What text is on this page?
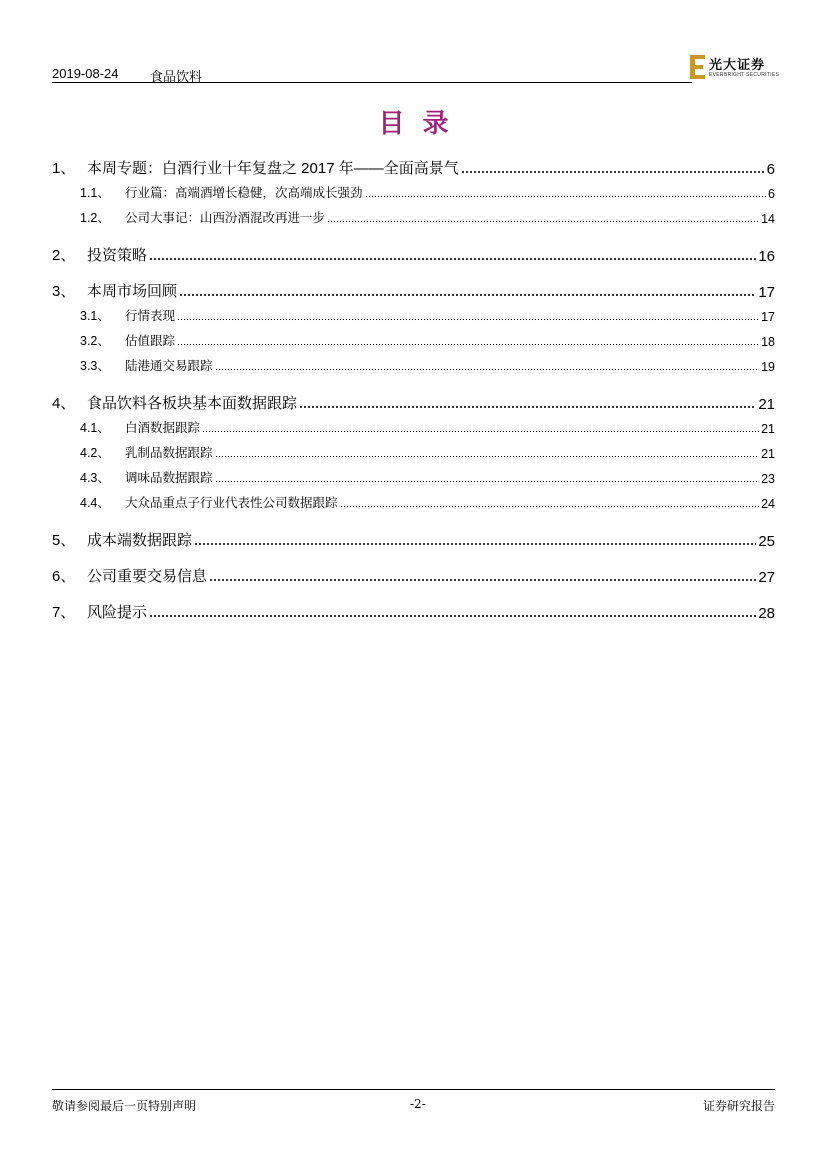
2019-08-24 食品饮料
光大证券
EVERBRIGHT SECURITIES
目录
1、 本周专题：白酒行业十年复盘之 2017 年——全面高景气	6
1.1、	行业篇：高端酒增长稳健，次高端成长强劲	6
1.2、	公司大事记：山西汾酒混改再进一步	14
2、 投资策略	16
3、 本周市场回顾	17
3.1、	行情表现	17
3.2、	估值跟踪	18
3.3、	陆港通交易跟踪	19
4、 食品饮料各板块基本面数据跟踪	21
4.1、	白酒数据跟踪	21
4.2、	乳制品数据跟踪	21
4.3、	调味品数据跟踪	23
4.4、	大众品重点子行业代表性公司数据跟踪	24
5、 成本端数据跟踪	25
6、 公司重要交易信息	27
7、 风险提示	28
敬请参阅最后一页特别声明	-2-	证券研究报告
